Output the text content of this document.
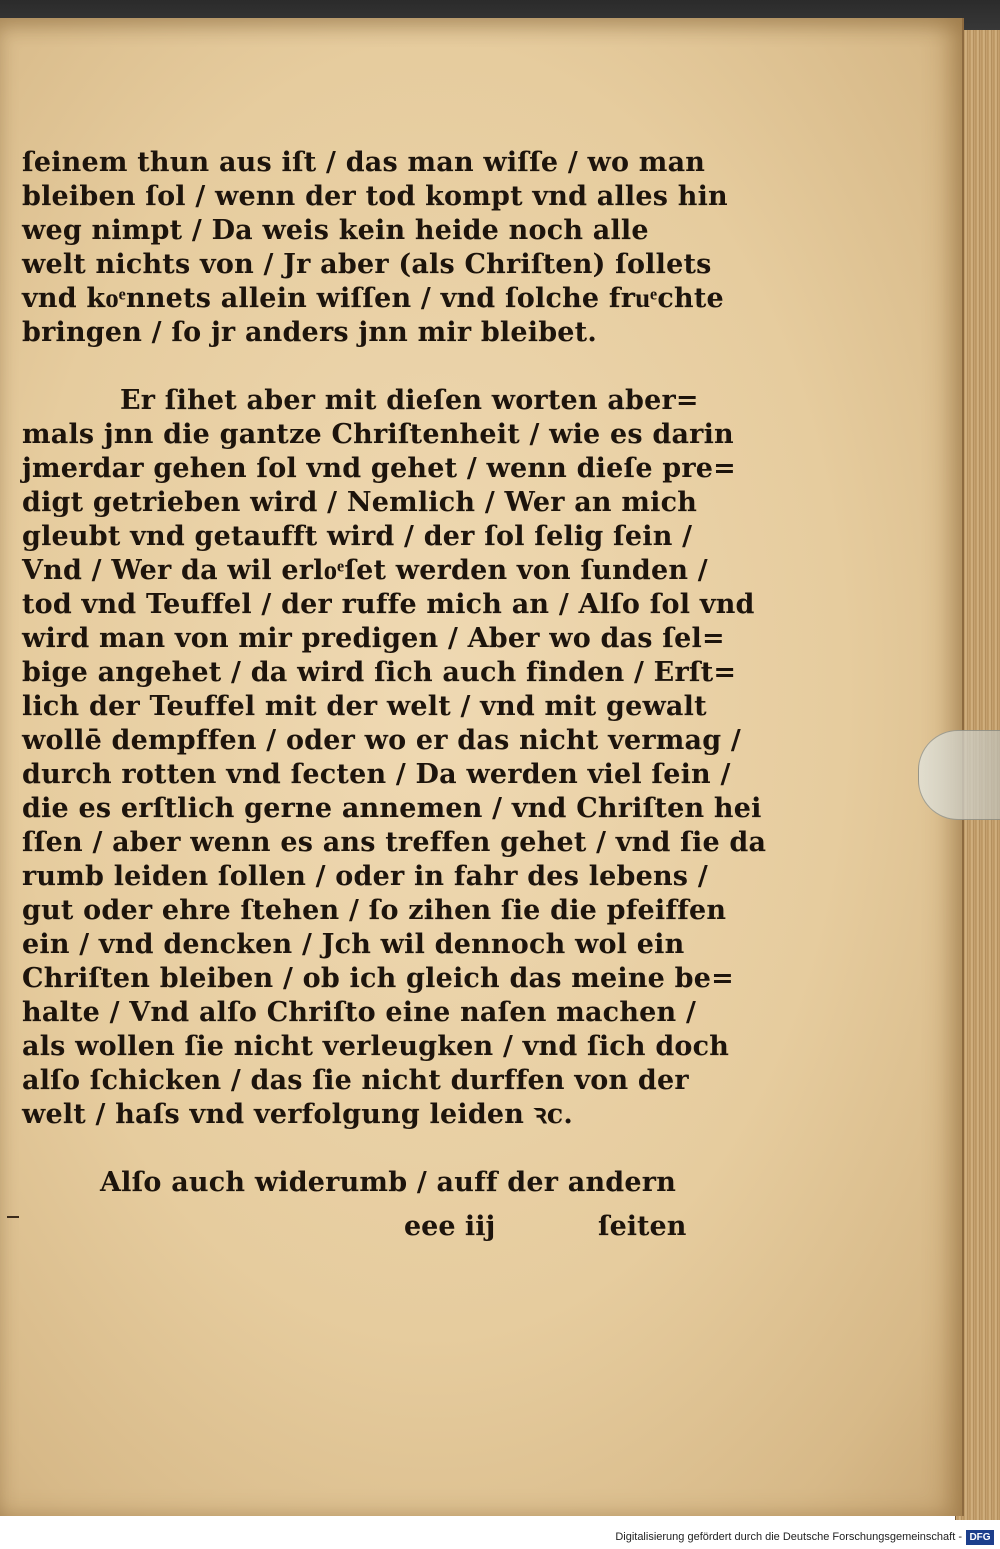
ſeinem thun aus iſt / das man wiſſe / wo man
bleiben ſol / wenn der tod kompt vnd alles hin
weg nimpt / Da weis kein heide noch alle
welt nichts von / Jr aber (als Chriſten) ſollets
vnd koͤnnets allein wiſſen / vnd ſolche fruͤchte
bringen / ſo jr anders jnn mir bleibet.
Er ſihet aber mit dieſen worten aber=
mals jnn die gantze Chriſtenheit / wie es darin
jmerdar gehen ſol vnd gehet / wenn dieſe pre=
digt getrieben wird / Nemlich / Wer an mich
gleubt vnd getaufft wird / der ſol ſelig ſein /
Vnd / Wer da wil erloͤſet werden von ſunden /
tod vnd Teuffel / der ruffe mich an / Alſo ſol vnd
wird man von mir predigen / Aber wo das ſel=
bige angehet / da wird ſich auch finden / Erſt=
lich der Teuffel mit der welt / vnd mit gewalt
wollē dempffen / oder wo er das nicht vermag /
durch rotten vnd ſecten / Da werden viel ſein /
die es erſtlich gerne annemen / vnd Chriſten hei
ſſen / aber wenn es ans treffen gehet / vnd ſie da
rumb leiden ſollen / oder in fahr des lebens /
gut oder ehre ſtehen / ſo zihen ſie die pfeiffen
ein / vnd dencken / Jch wil dennoch wol ein
Chriſten bleiben / ob ich gleich das meine be=
halte / Vnd alſo Chriſto eine naſen machen /
als wollen ſie nicht verleugken / vnd ſich doch
alſo ſchicken / das ſie nicht durffen von der
welt / haſs vnd verfolgung leiden ꝛc.
Alſo auch widerumb / auff der andern
eee iij	ſeiten
Digitalisierung gefördert durch die Deutsche Forschungsgemeinschaft - DFG
